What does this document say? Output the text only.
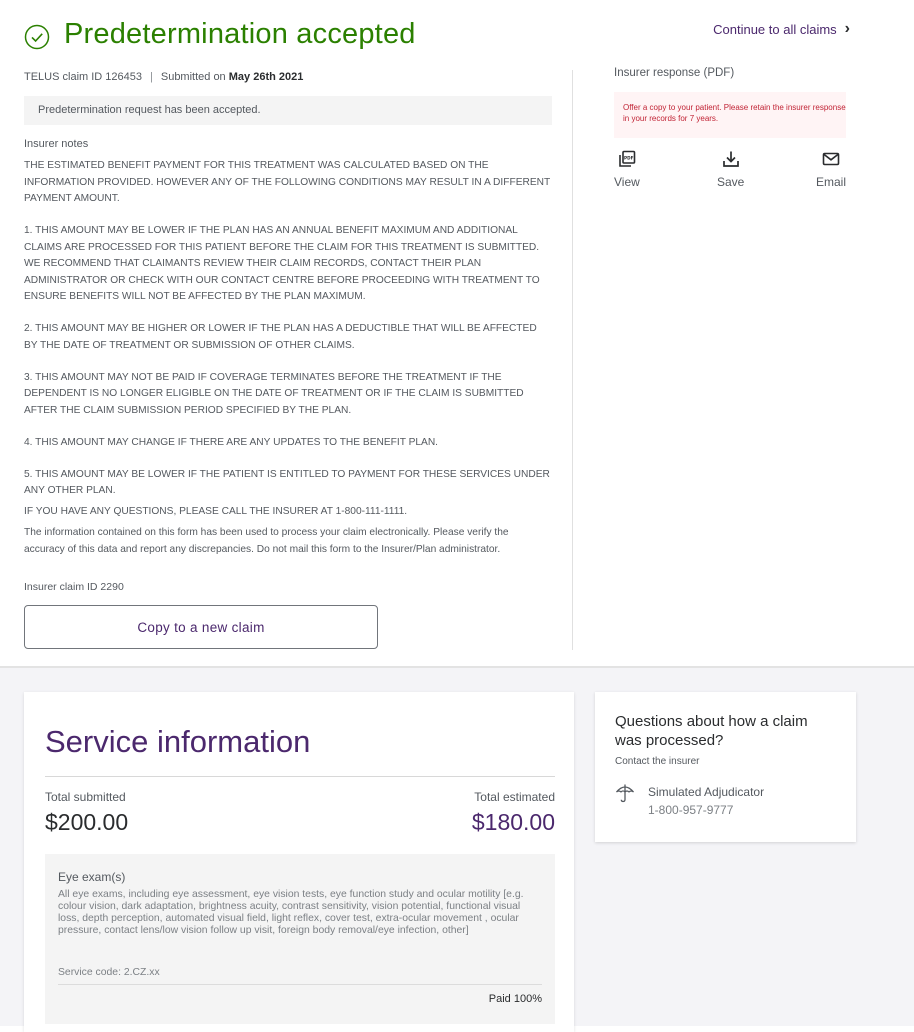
Predetermination accepted	Continue to all claims ›
TELUS claim ID 126453 | Submitted on May 26th 2021
Predetermination request has been accepted.
Insurer notes

THE ESTIMATED BENEFIT PAYMENT FOR THIS TREATMENT WAS CALCULATED BASED ON THE INFORMATION PROVIDED. HOWEVER ANY OF THE FOLLOWING CONDITIONS MAY RESULT IN A DIFFERENT PAYMENT AMOUNT.

1. THIS AMOUNT MAY BE LOWER IF THE PLAN HAS AN ANNUAL BENEFIT MAXIMUM AND ADDITIONAL CLAIMS ARE PROCESSED FOR THIS PATIENT BEFORE THE CLAIM FOR THIS TREATMENT IS SUBMITTED. WE RECOMMEND THAT CLAIMANTS REVIEW THEIR CLAIM RECORDS, CONTACT THEIR PLAN ADMINISTRATOR OR CHECK WITH OUR CONTACT CENTRE BEFORE PROCEEDING WITH TREATMENT TO ENSURE BENEFITS WILL NOT BE AFFECTED BY THE PLAN MAXIMUM.

2. THIS AMOUNT MAY BE HIGHER OR LOWER IF THE PLAN HAS A DEDUCTIBLE THAT WILL BE AFFECTED BY THE DATE OF TREATMENT OR SUBMISSION OF OTHER CLAIMS.

3. THIS AMOUNT MAY NOT BE PAID IF COVERAGE TERMINATES BEFORE THE TREATMENT IF THE DEPENDENT IS NO LONGER ELIGIBLE ON THE DATE OF TREATMENT OR IF THE CLAIM IS SUBMITTED AFTER THE CLAIM SUBMISSION PERIOD SPECIFIED BY THE PLAN.

4. THIS AMOUNT MAY CHANGE IF THERE ARE ANY UPDATES TO THE BENEFIT PLAN.

5. THIS AMOUNT MAY BE LOWER IF THE PATIENT IS ENTITLED TO PAYMENT FOR THESE SERVICES UNDER ANY OTHER PLAN.

IF YOU HAVE ANY QUESTIONS, PLEASE CALL THE INSURER AT 1-800-111-1111.

The information contained on this form has been used to process your claim electronically. Please verify the accuracy of this data and report any discrepancies. Do not mail this form to the Insurer/Plan administrator.

Insurer claim ID 2290
Copy to a new claim
Insurer response (PDF)
Offer a copy to your patient. Please retain the insurer response in your records for 7 years.
PDF
View	Save	Email
Service information
Total submitted	Total estimated
$200.00	$180.00
Eye exam(s)
All eye exams, including eye assessment, eye vision tests, eye function study and ocular motility [e.g. colour vision, dark adaptation, brightness acuity, contrast sensitivity, vision potential, functional visual loss, depth perception, automated visual field, light reflex, cover test, extra-ocular movement , ocular pressure, contact lens/low vision follow up visit, foreign body removal/eye infection, other]
Service code: 2.CZ.xx
Paid 100%
Questions about how a claim was processed?
Contact the insurer
Simulated Adjudicator
1-800-957-9777
